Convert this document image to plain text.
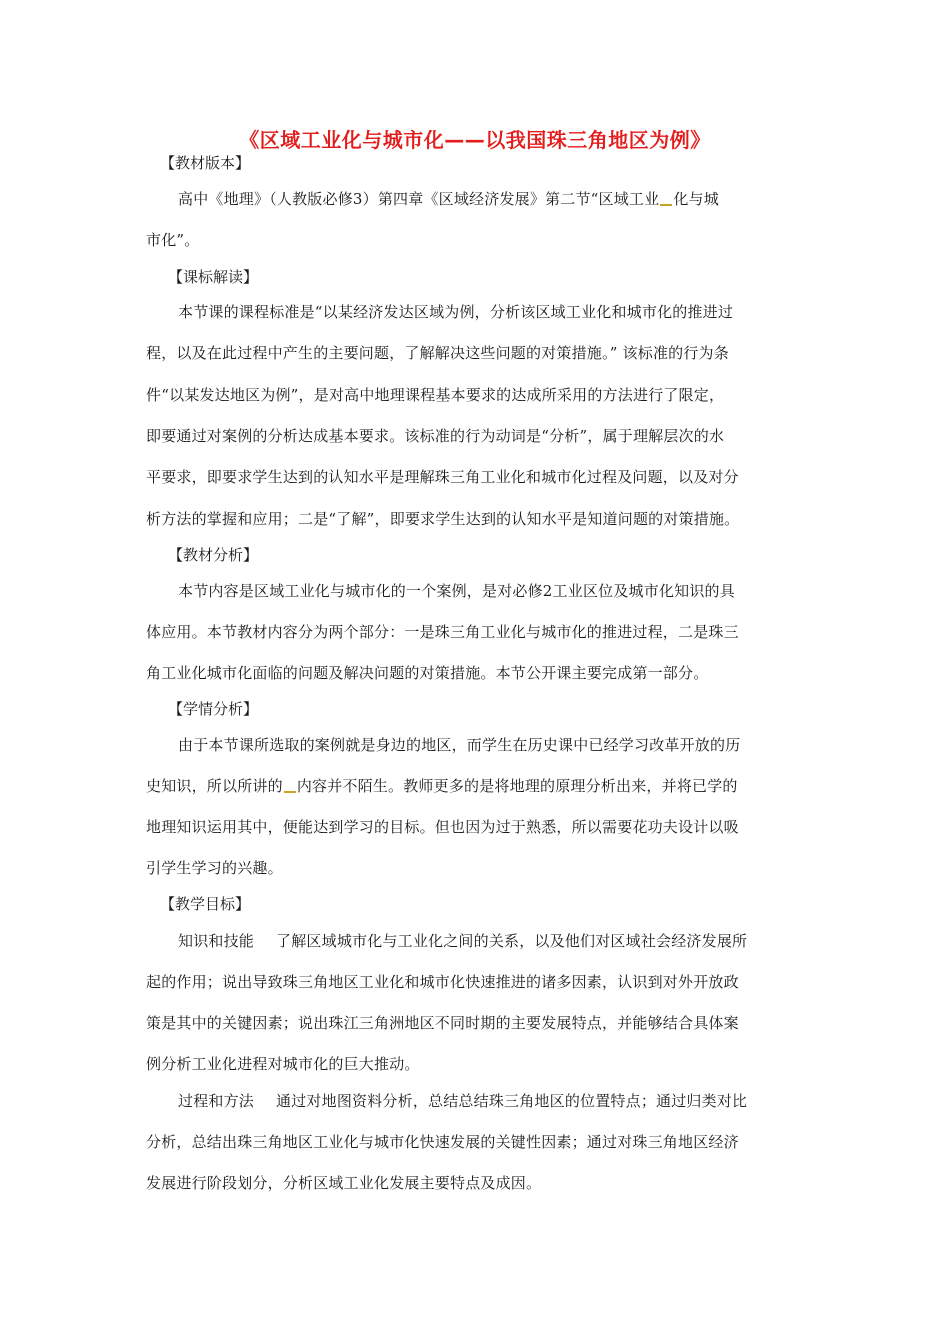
《区域工业化与城市化——以我国珠三角地区为例》
【教材版本】
高中《地理》（人教版必修3）第四章《区域经济发展》第二节“区域工业 化与城
市化”。
【课标解读】
本节课的课程标准是“以某经济发达区域为例，分析该区域工业化和城市化的推进过
程，以及在此过程中产生的主要问题，了解解决这些问题的对策措施。” 该标准的行为条
件“以某发达地区为例”，是对高中地理课程基本要求的达成所采用的方法进行了限定，
即要通过对案例的分析达成基本要求。该标准的行为动词是“分析”，属于理解层次的水
平要求，即要求学生达到的认知水平是理解珠三角工业化和城市化过程及问题，以及对分
析方法的掌握和应用；二是“了解”，即要求学生达到的认知水平是知道问题的对策措施。
【教材分析】
本节内容是区域工业化与城市化的一个案例，是对必修2工业区位及城市化知识的具
体应用。本节教材内容分为两个部分：一是珠三角工业化与城市化的推进过程，二是珠三
角工业化城市化面临的问题及解决问题的对策措施。本节公开课主要完成第一部分。
【学情分析】
由于本节课所选取的案例就是身边的地区，而学生在历史课中已经学习改革开放的历
史知识，所以所讲的 内容并不陌生。教师更多的是将地理的原理分析出来，并将已学的
地理知识运用其中，便能达到学习的目标。但也因为过于熟悉，所以需要花功夫设计以吸
引学生学习的兴趣。
【教学目标】
知识和技能 了解区域城市化与工业化之间的关系，以及他们对区域社会经济发展所
起的作用；说出导致珠三角地区工业化和城市化快速推进的诸多因素，认识到对外开放政
策是其中的关键因素；说出珠江三角洲地区不同时期的主要发展特点，并能够结合具体案
例分析工业化进程对城市化的巨大推动。
过程和方法 通过对地图资料分析，总结总结珠三角地区的位置特点；通过归类对比
分析，总结出珠三角地区工业化与城市化快速发展的关键性因素；通过对珠三角地区经济
发展进行阶段划分，分析区域工业化发展主要特点及成因。
